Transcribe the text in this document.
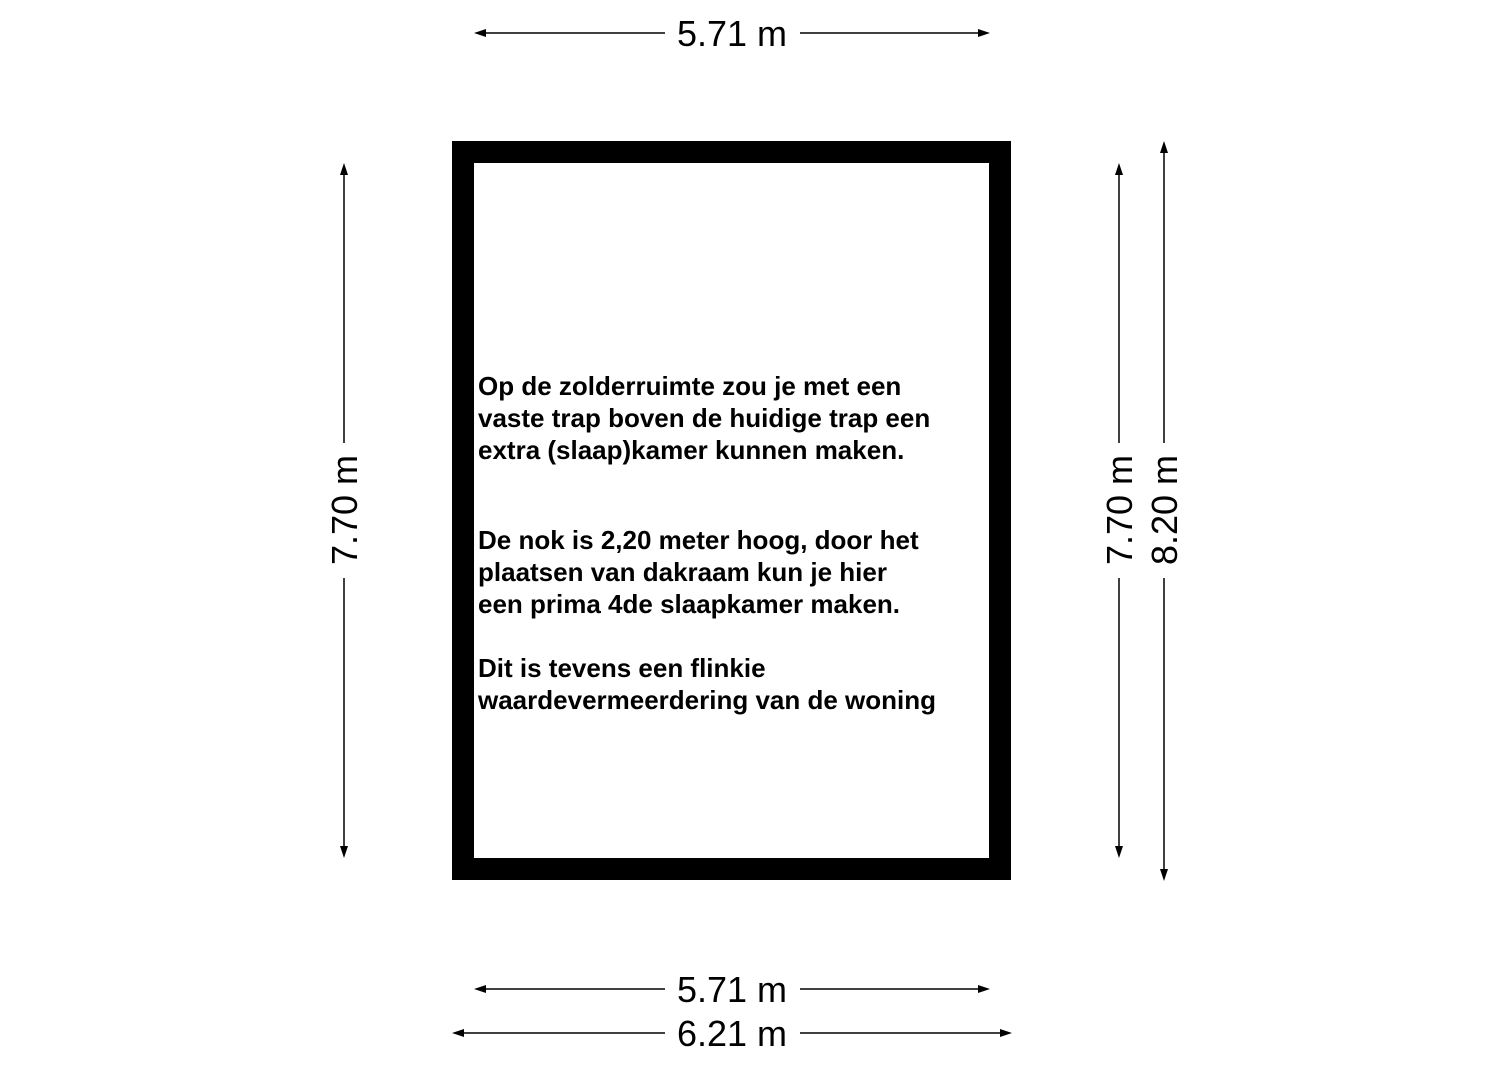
5.71 m
5.71 m
6.21 m
7.70 m	7.70 m 8.20 m

Op de zolderruimte zou je met een
vaste trap boven de huidige trap een
extra (slaap)kamer kunnen maken.

De nok is 2,20 meter hoog, door het
plaatsen van dakraam kun je hier
een prima 4de slaapkamer maken.

Dit is tevens een flinkie
waardevermeerdering van de woning
